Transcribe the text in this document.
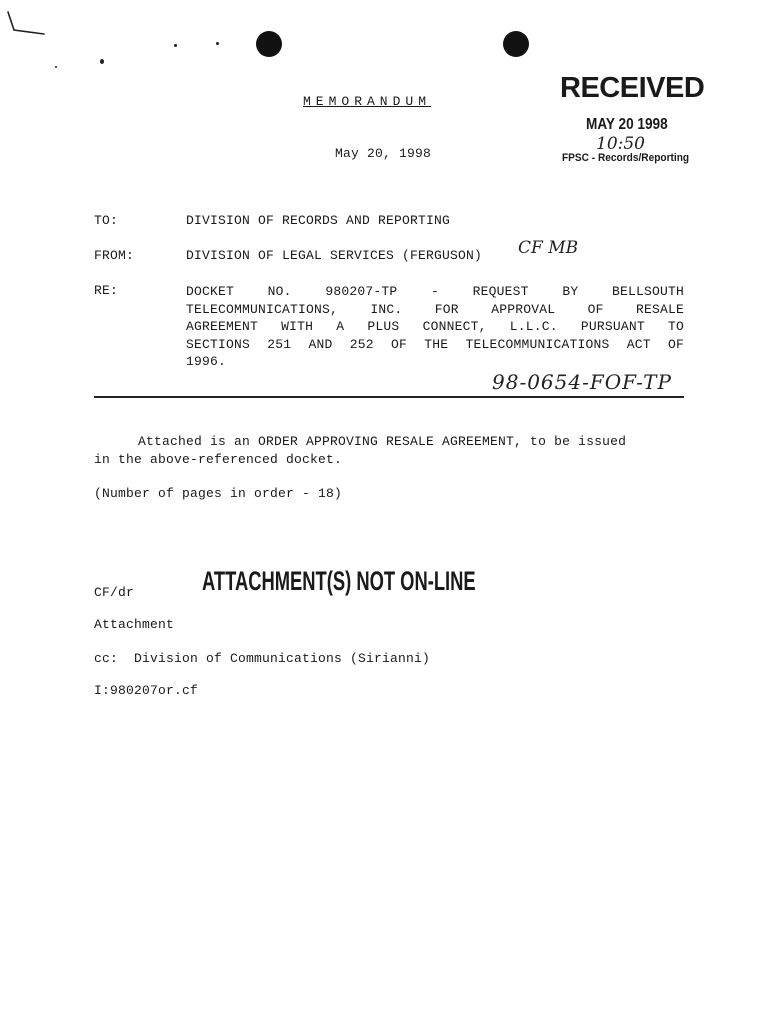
MEMORANDUM
May 20, 1998
RECEIVED
MAY 20 1998
10:50
FPSC - Records/Reporting
TO:	DIVISION OF RECORDS AND REPORTING
FROM:	DIVISION OF LEGAL SERVICES (FERGUSON) CF MB
RE:	DOCKET NO. 980207-TP - REQUEST BY BELLSOUTH
TELECOMMUNICATIONS, INC. FOR APPROVAL OF RESALE
AGREEMENT WITH A PLUS CONNECT, L.L.C. PURSUANT TO
SECTIONS 251 AND 252 OF THE TELECOMMUNICATIONS ACT OF
1996.
98-0654-FOF-TP
Attached is an ORDER APPROVING RESALE AGREEMENT, to be issued
in the above-referenced docket.
(Number of pages in order - 18)
CF/dr	ATTACHMENT(S) NOT ON-LINE
Attachment
cc:  Division of Communications (Sirianni)
I:980207or.cf
